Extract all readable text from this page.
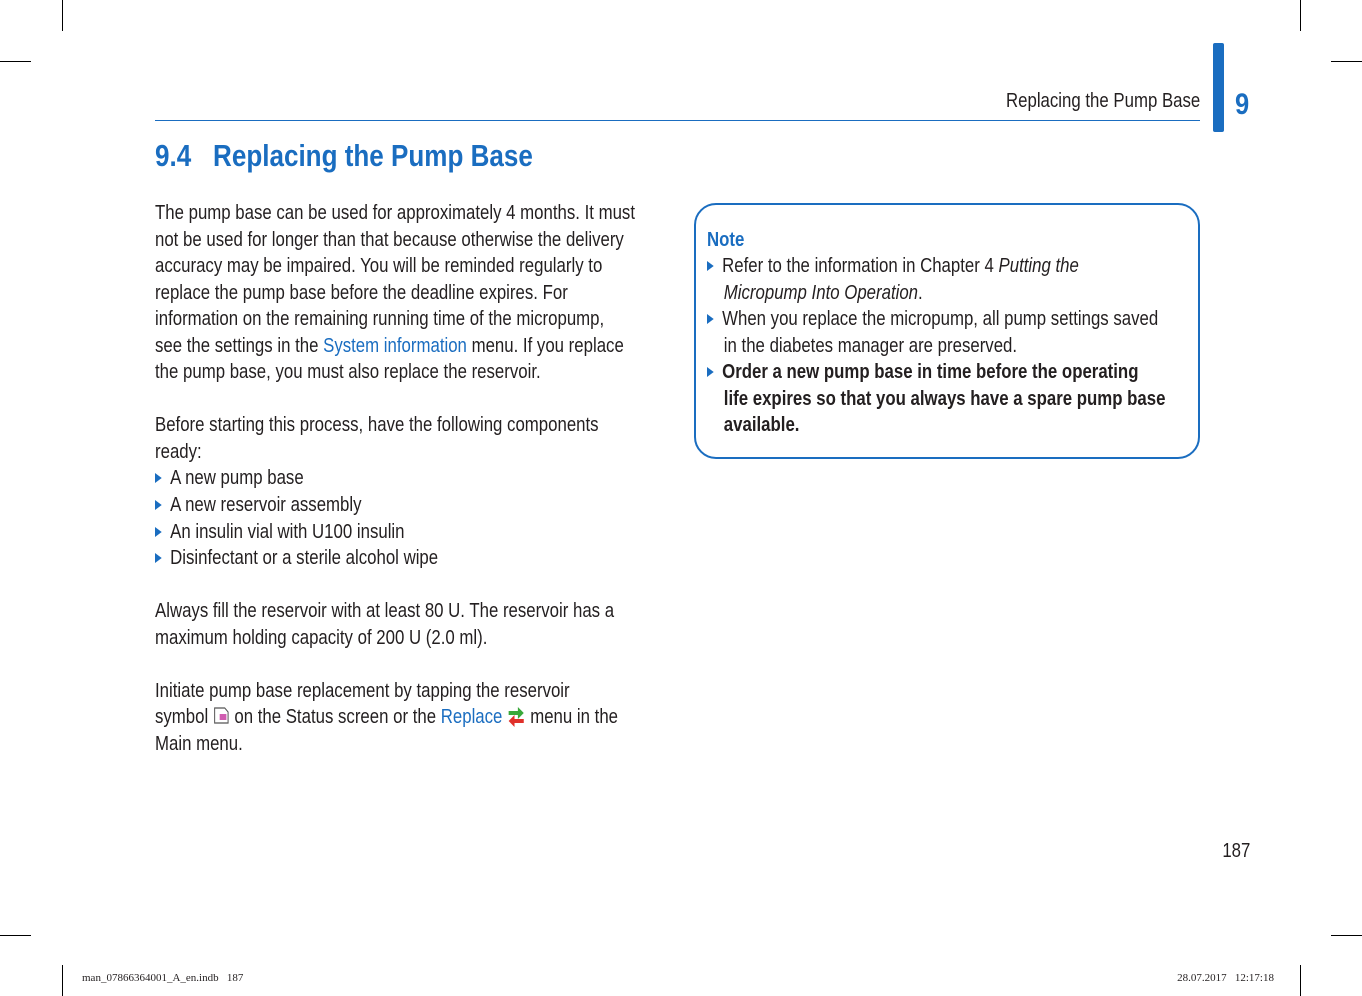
Replacing the Pump Base 9
9.4 Replacing the Pump Base
The pump base can be used for approximately 4 months. It must
not be used for longer than that because otherwise the delivery
accuracy may be impaired. You will be reminded regularly to
replace the pump base before the deadline expires. For
information on the remaining running time of the micropump,
see the settings in the System information menu. If you replace
the pump base, you must also replace the reservoir.
Before starting this process, have the following components
ready:
A new pump base
A new reservoir assembly
An insulin vial with U100 insulin
Disinfectant or a sterile alcohol wipe
Always fill the reservoir with at least 80 U. The reservoir has a
maximum holding capacity of 200 U (2.0 ml).
Initiate pump base replacement by tapping the reservoir
symbol  on the Status screen or the Replace  menu in the
Main menu.
Note
Refer to the information in Chapter 4 Putting the
Micropump Into Operation.
When you replace the micropump, all pump settings saved
in the diabetes manager are preserved.
Order a new pump base in time before the operating
life expires so that you always have a spare pump base
available.
187
man_07866364001_A_en.indb   187	28.07.2017   12:17:18
